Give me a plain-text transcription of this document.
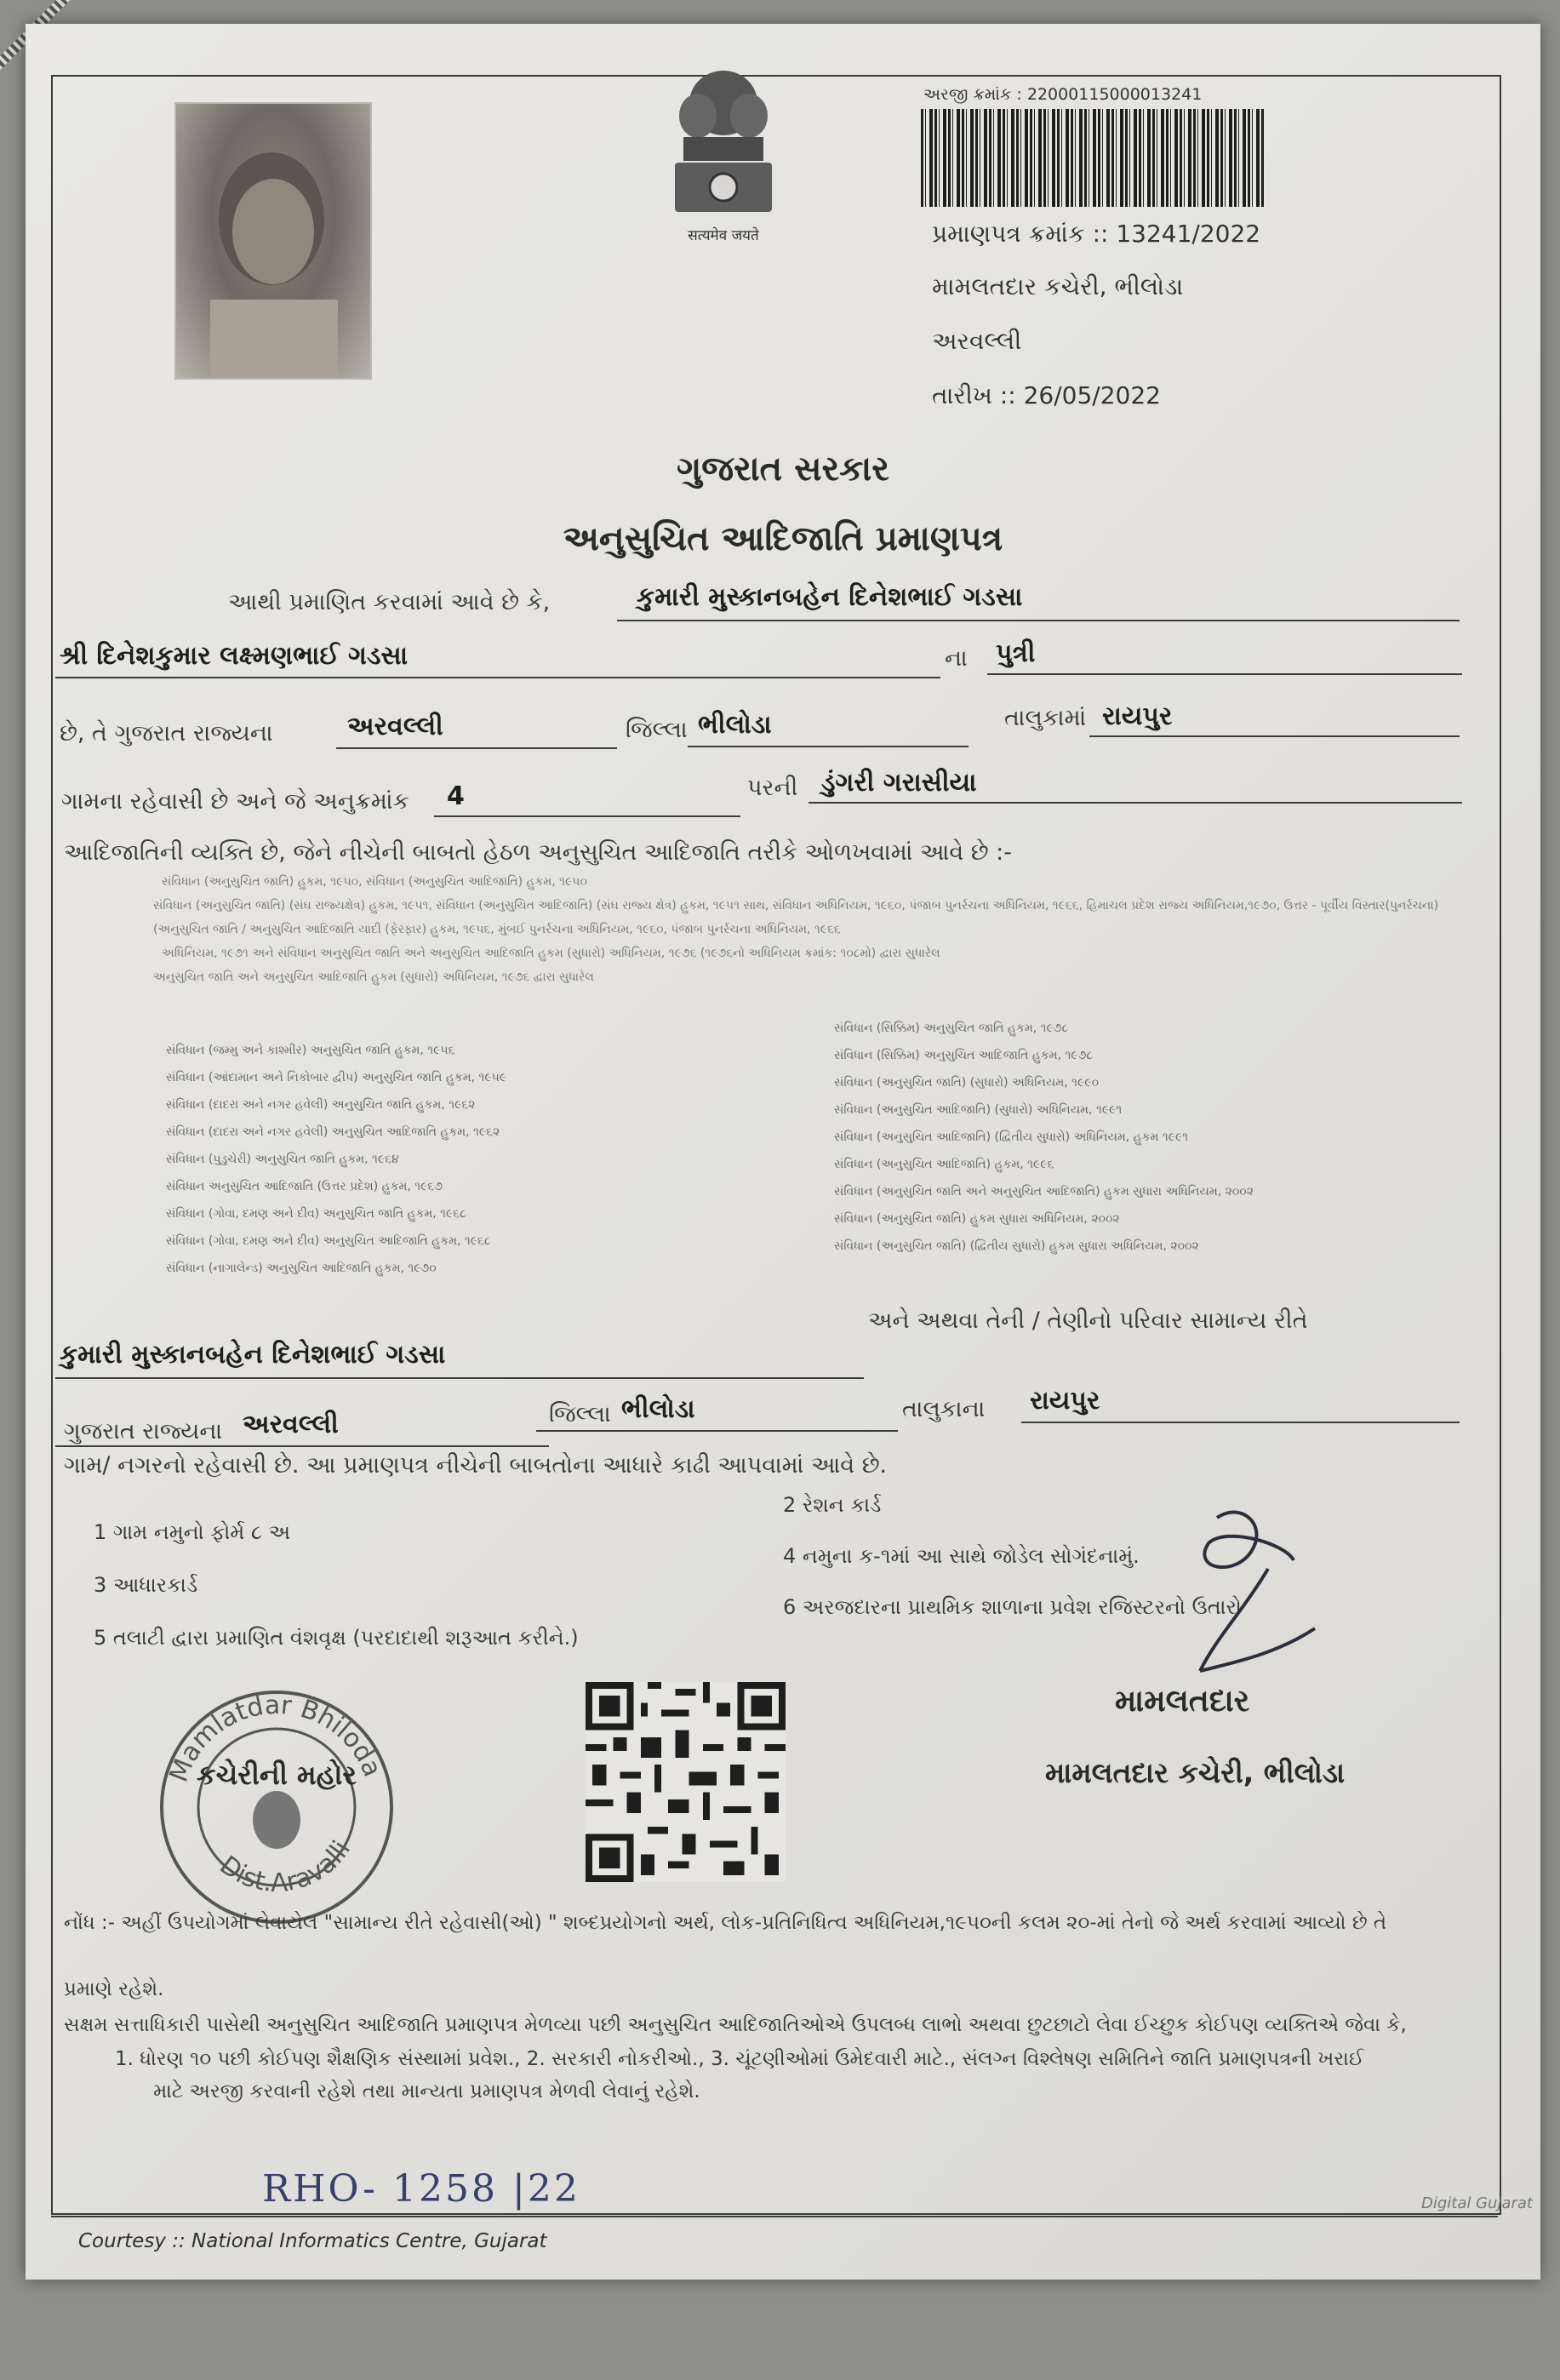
सत्यमेव जयते
અરજી ક્રમાંક : 22000115000013241
પ્રમાણપત્ર ક્રમાંક :: 13241/2022
મામલતદાર કચેરી, ભીલોડા
અરવલ્લી
તારીખ :: 26/05/2022
ગુજરાત સરકાર
અનુસુચિત આદિજાતિ પ્રમાણપત્ર
આથી પ્રમાણિત કરવામાં આવે છે કે,	કુમારી મુસ્કાનબહેન દિનેશભાઈ ગડસા
શ્રી દિનેશકુમાર લક્ષ્મણભાઈ ગડસા	ના પુત્રી
છે, તે ગુજરાત રાજ્યના	અરવલ્લી	જિલ્લા ભીલોડા	તાલુકામાં રાયપુર
ગામના રહેવાસી છે અને જે અનુક્રમાંક 4	પરની ડુંગરી ગરાસીયા
આદિજાતિની વ્યક્તિ છે, જેને નીચેની બાબતો હેઠળ અનુસુચિત આદિજાતિ તરીકે ઓળખવામાં આવે છે :-
સંવિધાન (અનુસુચિત જાતિ) હુકમ, ૧૯૫૦, સંવિધાન (અનુસુચિત આદિજાતિ) હુકમ, ૧૯૫૦
સંવિધાન (અનુસુચિત જાતિ) (સંઘ રાજ્યક્ષેત્ર) હુકમ, ૧૯૫૧, સંવિધાન (અનુસુચિત આદિજાતિ) (સંઘ રાજ્ય ક્ષેત્ર) હુકમ, ૧૯૫૧ સાથ, સંવિધાન અધિનિયમ, ૧૯૬૦, પંજાબ પુનર્રચના અધિનિયમ, ૧૯૬૬, હિમાચલ પ્રદેશ રાજ્ય અધિનિયમ,૧૯૭૦, ઉત્તર - પૂર્વીય વિસ્તાર(પુનર્રચના)
(અનુસુચિત જાતિ / અનુસુચિત આદિજાતિ યાદી (ફેરફાર) હુકમ, ૧૯૫૬, મુંબઈ પુનર્રચના અધિનિયમ, ૧૯૬૦, પંજાબ પુનર્રચના અધિનિયમ, ૧૯૬૬
અધિનિયમ, ૧૯૭૧ અને સંવિધાન અનુસુચિત જાતિ અને અનુસુચિત આદિજાતિ હુકમ (સુધારો) અધિનિયમ, ૧૯૭૬ (૧૯૭૬નો અધિનિયમ ક્રમાંક: ૧૦૮મો) દ્વારા સુધારેલ
અનુસુચિત જાતિ અને અનુસુચિત આદિજાતિ હુકમ (સુધારો) અધિનિયમ, ૧૯૭૬ દ્વારા સુધારેલ
સંવિધાન (જમ્મુ અને કાશ્મીર) અનુસુચિત જાતિ હુકમ, ૧૯૫૬
સંવિધાન (આંદામાન અને નિકોબાર દ્વીપ) અનુસુચિત જાતિ હુકમ, ૧૯૫૯
સંવિધાન (દાદરા અને નગર હવેલી) અનુસુચિત જાતિ હુકમ, ૧૯૬૨
સંવિધાન (દાદરા અને નગર હવેલી) અનુસુચિત આદિજાતિ હુકમ, ૧૯૬૨
સંવિધાન (પુડુચેરી) અનુસુચિત જાતિ હુકમ, ૧૯૬૪
સંવિધાન અનુસુચિત આદિજાતિ (ઉત્તર પ્રદેશ) હુકમ, ૧૯૬૭
સંવિધાન (ગોવા, દમણ અને દીવ) અનુસુચિત જાતિ હુકમ, ૧૯૬૮
સંવિધાન (ગોવા, દમણ અને દીવ) અનુસુચિત આદિજાતિ હુકમ, ૧૯૬૮
સંવિધાન (નાગાલેન્ડ) અનુસુચિત આદિજાતિ હુકમ, ૧૯૭૦
સંવિધાન (સિક્કિમ) અનુસુચિત જાતિ હુકમ, ૧૯૭૮
સંવિધાન (સિક્કિમ) અનુસુચિત આદિજાતિ હુકમ, ૧૯૭૮
સંવિધાન (અનુસુચિત જાતિ) (સુધારો) અધિનિયમ, ૧૯૯૦
સંવિધાન (અનુસુચિત આદિજાતિ) (સુધારો) અધિનિયમ, ૧૯૯૧
સંવિધાન (અનુસુચિત આદિજાતિ) (દ્વિતીય સુધારો) અધિનિયમ, હુકમ ૧૯૯૧
સંવિધાન (અનુસુચિત આદિજાતિ) હુકમ, ૧૯૯૬
સંવિધાન (અનુસુચિત જાતિ અને અનુસુચિત આદિજાતિ) હુકમ સુધારા અધિનિયમ, ૨૦૦૨
સંવિધાન (અનુસુચિત જાતિ) હુકમ સુધારા અધિનિયમ, ૨૦૦૨
સંવિધાન (અનુસુચિત જાતિ) (દ્વિતીય સુધારો) હુકમ સુધારા અધિનિયમ, ૨૦૦૨
અને અથવા તેની / તેણીનો પરિવાર સામાન્ય રીતે
કુમારી મુસ્કાનબહેન દિનેશભાઈ ગડસા
ગુજરાત રાજ્યના અરવલ્લી	જિલ્લા ભીલોડા	તાલુકાના રાયપુર
ગામ/ નગરનો રહેવાસી છે. આ પ્રમાણપત્ર નીચેની બાબતોના આધારે કાઢી આપવામાં આવે છે.
1 ગામ નમુનો ફોર્મ ૮ અ
2 રેશન કાર્ડ
3 આધારકાર્ડ
4 નમુના ક-૧માં આ સાથે જોડેલ સોગંદનામું.
5 તલાટી દ્વારા પ્રમાણિત વંશવૃક્ષ (પરદાદાથી શરૂઆત કરીને.)
6 અરજદારના પ્રાથમિક શાળાના પ્રવેશ રજિસ્ટરનો ઉતારો
મામલતદાર
મામલતદાર કચેરી, ભીલોડા
Mamlatdar Bhiloda
Dist.Aravalli
કચેરીની મહોર
નોંધ :- અહીં ઉપયોગમાં લેવાયેલ "સામાન્ય રીતે રહેવાસી(ઓ) " શબ્દપ્રયોગનો અર્થ, લોક-પ્રતિનિધિત્વ અધિનિયમ,૧૯૫૦ની કલમ ૨૦-માં તેનો જે અર્થ કરવામાં આવ્યો છે તે
પ્રમાણે રહેશે.
સક્ષમ સત્તાધિકારી પાસેથી અનુસુચિત આદિજાતિ પ્રમાણપત્ર મેળવ્યા પછી અનુસુચિત આદિજાતિઓએ ઉપલબ્ધ લાભો અથવા છુટછાટો લેવા ઈચ્છુક કોઈપણ વ્યક્તિએ જેવા કે,
1. ધોરણ ૧૦ પછી કોઈપણ શૈક્ષણિક સંસ્થામાં પ્રવેશ., 2. સરકારી નોકરીઓ., 3. ચૂંટણીઓમાં ઉમેદવારી માટે., સંલગ્ન વિશ્લેષણ સમિતિને જાતિ પ્રમાણપત્રની ખરાઈ
માટે અરજી કરવાની રહેશે તથા માન્યતા પ્રમાણપત્ર મેળવી લેવાનું રહેશે.
RHO- 1258 |22
Courtesy :: National Informatics Centre, Gujarat
Digital Gujarat
